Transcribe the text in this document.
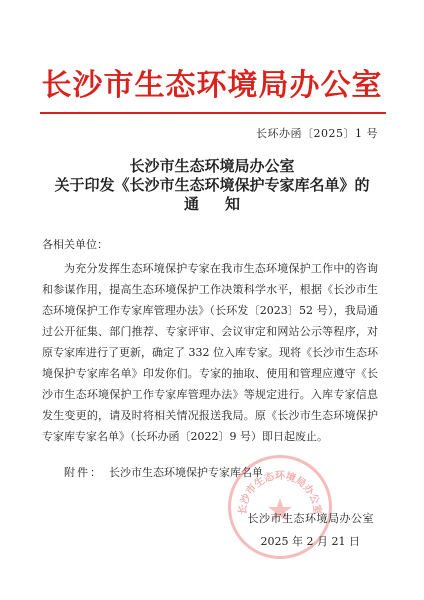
长沙市生态环境局办公室
长环办函〔2025〕1 号
长沙市生态环境局办公室
关于印发《长沙市生态环境保护专家库名单》的
通知
各相关单位：

为充分发挥生态环境保护专家在我市生态环境保护工作中的咨询和参谋作用，提高生态环境保护工作决策科学水平，根据《长沙市生态环境保护工作专家库管理办法》（长环发〔2023〕52 号），我局通过公开征集、部门推荐、专家评审、会议审定和网站公示等程序，对原专家库进行了更新，确定了 332 位入库专家。现将《长沙市生态环境保护专家库名单》印发你们。专家的抽取、使用和管理应遵守《长沙市生态环境保护工作专家库管理办法》等规定进行。入库专家信息发生变更的，请及时将相关情况报送我局。原《长沙市生态环境保护专家库专家名单》（长环办函〔2022〕9 号）即日起废止。

附件： 长沙市生态环境保护专家库名单
长沙市生态环境局办公室
长沙市生态环境局办公室
2025 年 2 月 21 日
